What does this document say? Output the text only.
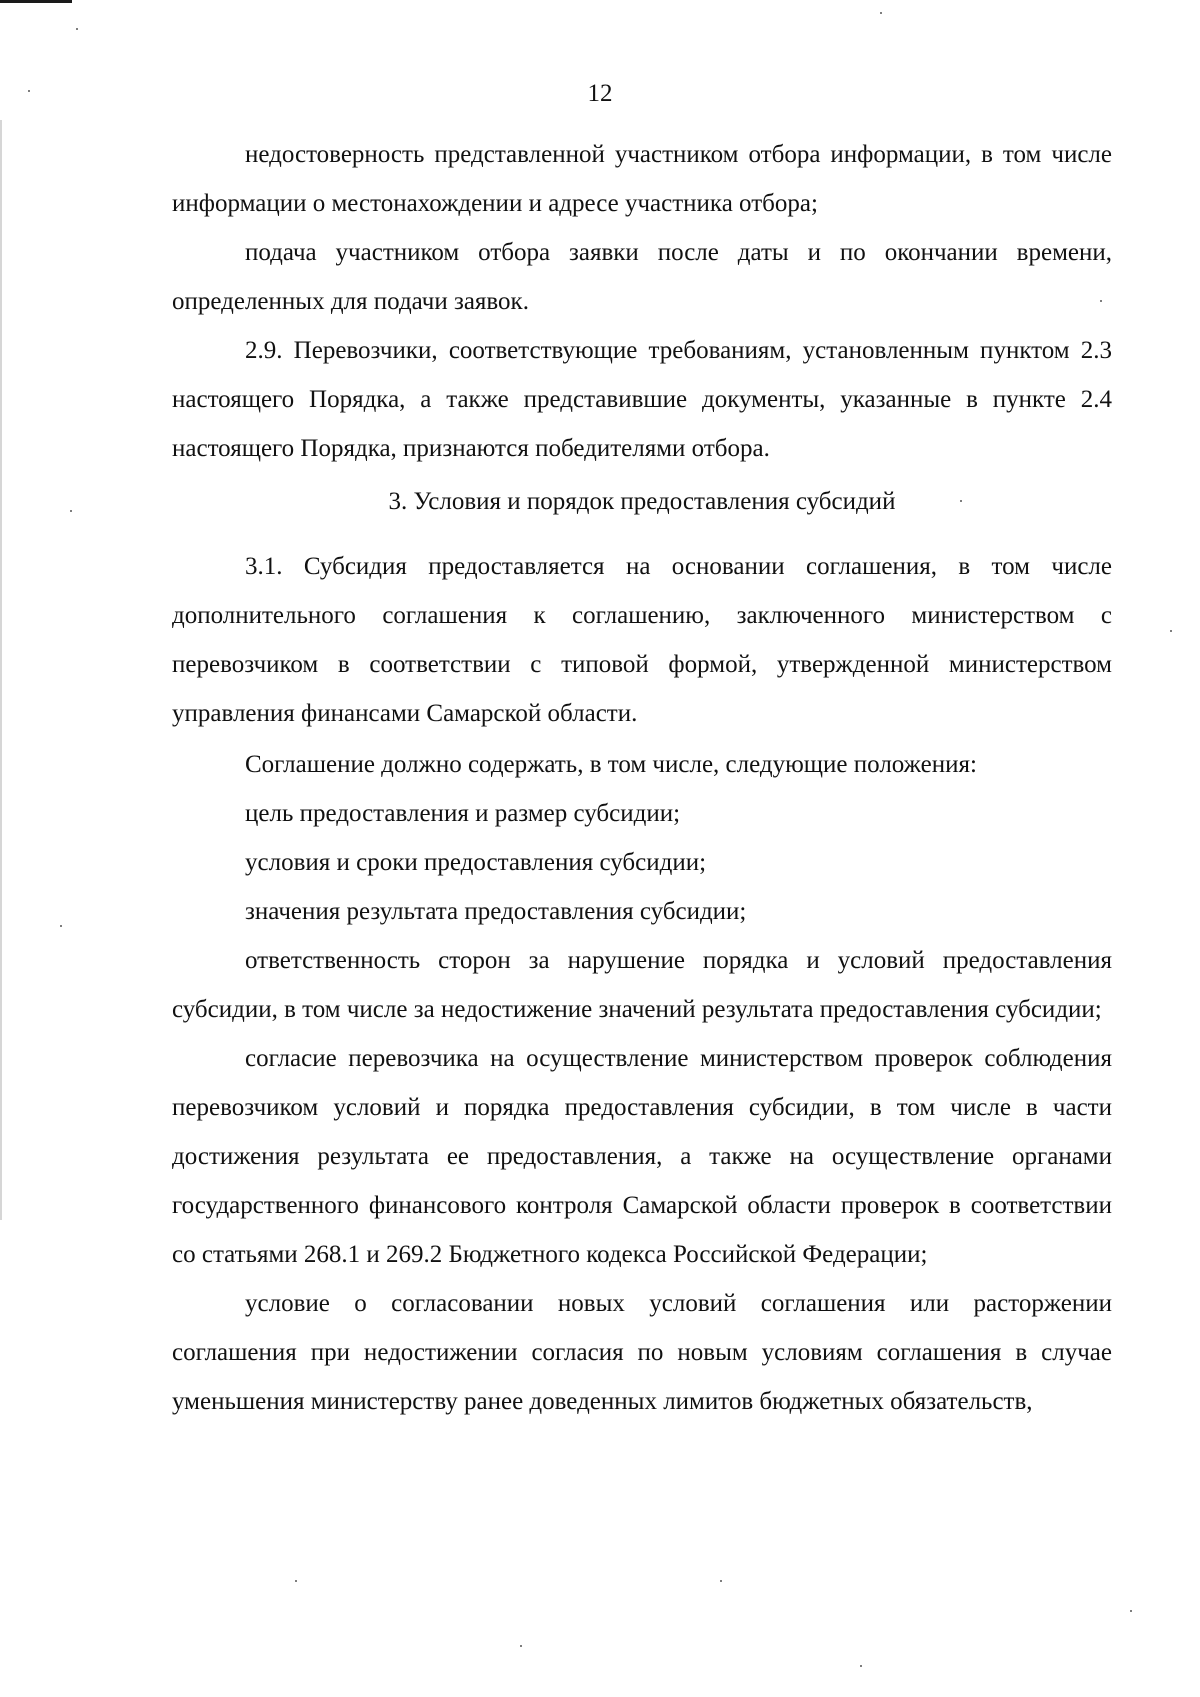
12

недостоверность представленной участником отбора информации, в том числе информации о местонахождении и адресе участника отбора;

подача участником отбора заявки после даты и по окончании времени, определенных для подачи заявок.

2.9. Перевозчики, соответствующие требованиям, установленным пунктом 2.3 настоящего Порядка, а также представившие документы, указанные в пункте 2.4 настоящего Порядка, признаются победителями отбора.

3. Условия и порядок предоставления субсидий

3.1. Субсидия предоставляется на основании соглашения, в том числе дополнительного соглашения к соглашению, заключенного министерством с перевозчиком в соответствии с типовой формой, утвержденной министерством управления финансами Самарской области.

Соглашение должно содержать, в том числе, следующие положения:

цель предоставления и размер субсидии;

условия и сроки предоставления субсидии;

значения результата предоставления субсидии;

ответственность сторон за нарушение порядка и условий предоставления субсидии, в том числе за недостижение значений результата предоставления субсидии;

согласие перевозчика на осуществление министерством проверок соблюдения перевозчиком условий и порядка предоставления субсидии, в том числе в части достижения результата ее предоставления, а также на осуществление органами государственного финансового контроля Самарской области проверок в соответствии со статьями 268.1 и 269.2 Бюджетного кодекса Российской Федерации;

условие о согласовании новых условий соглашения или расторжении соглашения при недостижении согласия по новым условиям соглашения в случае уменьшения министерству ранее доведенных лимитов бюджетных обязательств,
